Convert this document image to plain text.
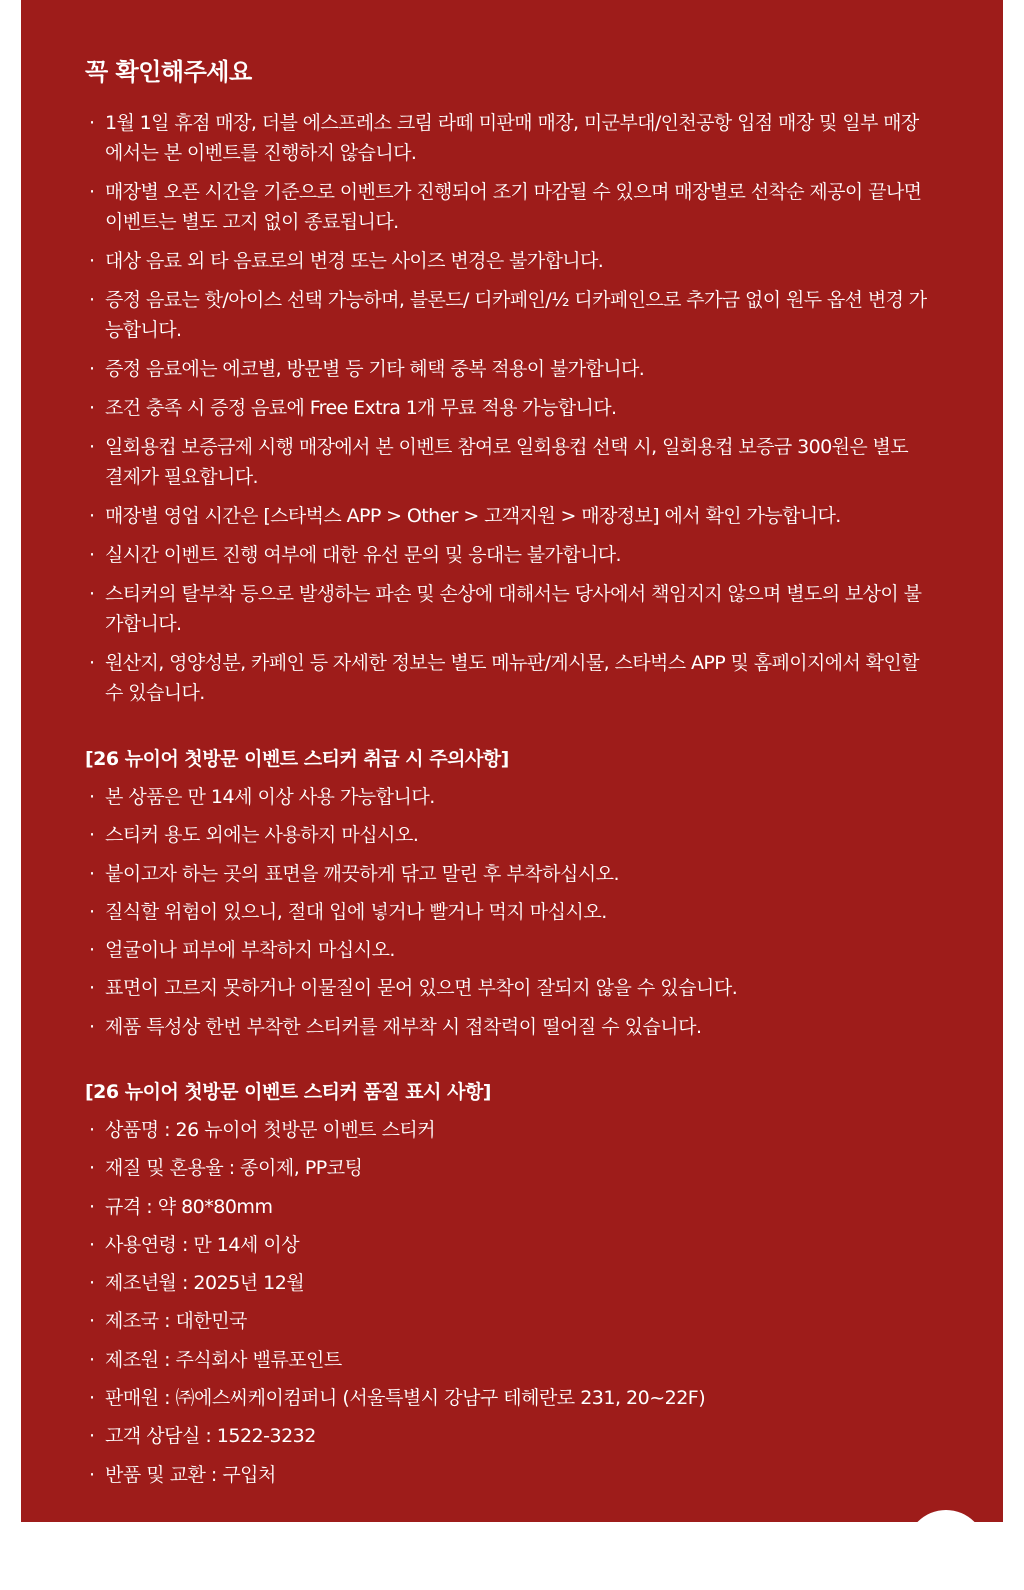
꼭 확인해주세요
· 1월 1일 휴점 매장, 더블 에스프레소 크림 라떼 미판매 매장, 미군부대/인천공항 입점 매장 및 일부 매장에서는 본 이벤트를 진행하지 않습니다.
· 매장별 오픈 시간을 기준으로 이벤트가 진행되어 조기 마감될 수 있으며 매장별로 선착순 제공이 끝나면 이벤트는 별도 고지 없이 종료됩니다.
· 대상 음료 외 타 음료로의 변경 또는 사이즈 변경은 불가합니다.
· 증정 음료는 핫/아이스 선택 가능하며, 블론드/ 디카페인/½ 디카페인으로 추가금 없이 원두 옵션 변경 가능합니다.
· 증정 음료에는 에코별, 방문별 등 기타 혜택 중복 적용이 불가합니다.
· 조건 충족 시 증정 음료에 Free Extra 1개 무료 적용 가능합니다.
· 일회용컵 보증금제 시행 매장에서 본 이벤트 참여로 일회용컵 선택 시, 일회용컵 보증금 300원은 별도 결제가 필요합니다.
· 매장별 영업 시간은 [스타벅스 APP > Other > 고객지원 > 매장정보] 에서 확인 가능합니다.
· 실시간 이벤트 진행 여부에 대한 유선 문의 및 응대는 불가합니다.
· 스티커의 탈부착 등으로 발생하는 파손 및 손상에 대해서는 당사에서 책임지지 않으며 별도의 보상이 불가합니다.
· 원산지, 영양성분, 카페인 등 자세한 정보는 별도 메뉴판/게시물, 스타벅스 APP 및 홈페이지에서 확인할 수 있습니다.
[26 뉴이어 첫방문 이벤트 스티커 취급 시 주의사항]
· 본 상품은 만 14세 이상 사용 가능합니다.
· 스티커 용도 외에는 사용하지 마십시오.
· 붙이고자 하는 곳의 표면을 깨끗하게 닦고 말린 후 부착하십시오.
· 질식할 위험이 있으니, 절대 입에 넣거나 빨거나 먹지 마십시오.
· 얼굴이나 피부에 부착하지 마십시오.
· 표면이 고르지 못하거나 이물질이 묻어 있으면 부착이 잘되지 않을 수 있습니다.
· 제품 특성상 한번 부착한 스티커를 재부착 시 접착력이 떨어질 수 있습니다.
[26 뉴이어 첫방문 이벤트 스티커 품질 표시 사항]
· 상품명 : 26 뉴이어 첫방문 이벤트 스티커
· 재질 및 혼용율 : 종이제, PP코팅
· 규격 : 약 80*80mm
· 사용연령 : 만 14세 이상
· 제조년월 : 2025년 12월
· 제조국 : 대한민국
· 제조원 : 주식회사 밸류포인트
· 판매원 : ㈜에스씨케이컴퍼니 (서울특별시 강남구 테헤란로 231, 20~22F)
· 고객 상담실 : 1522-3232
· 반품 및 교환 : 구입처
